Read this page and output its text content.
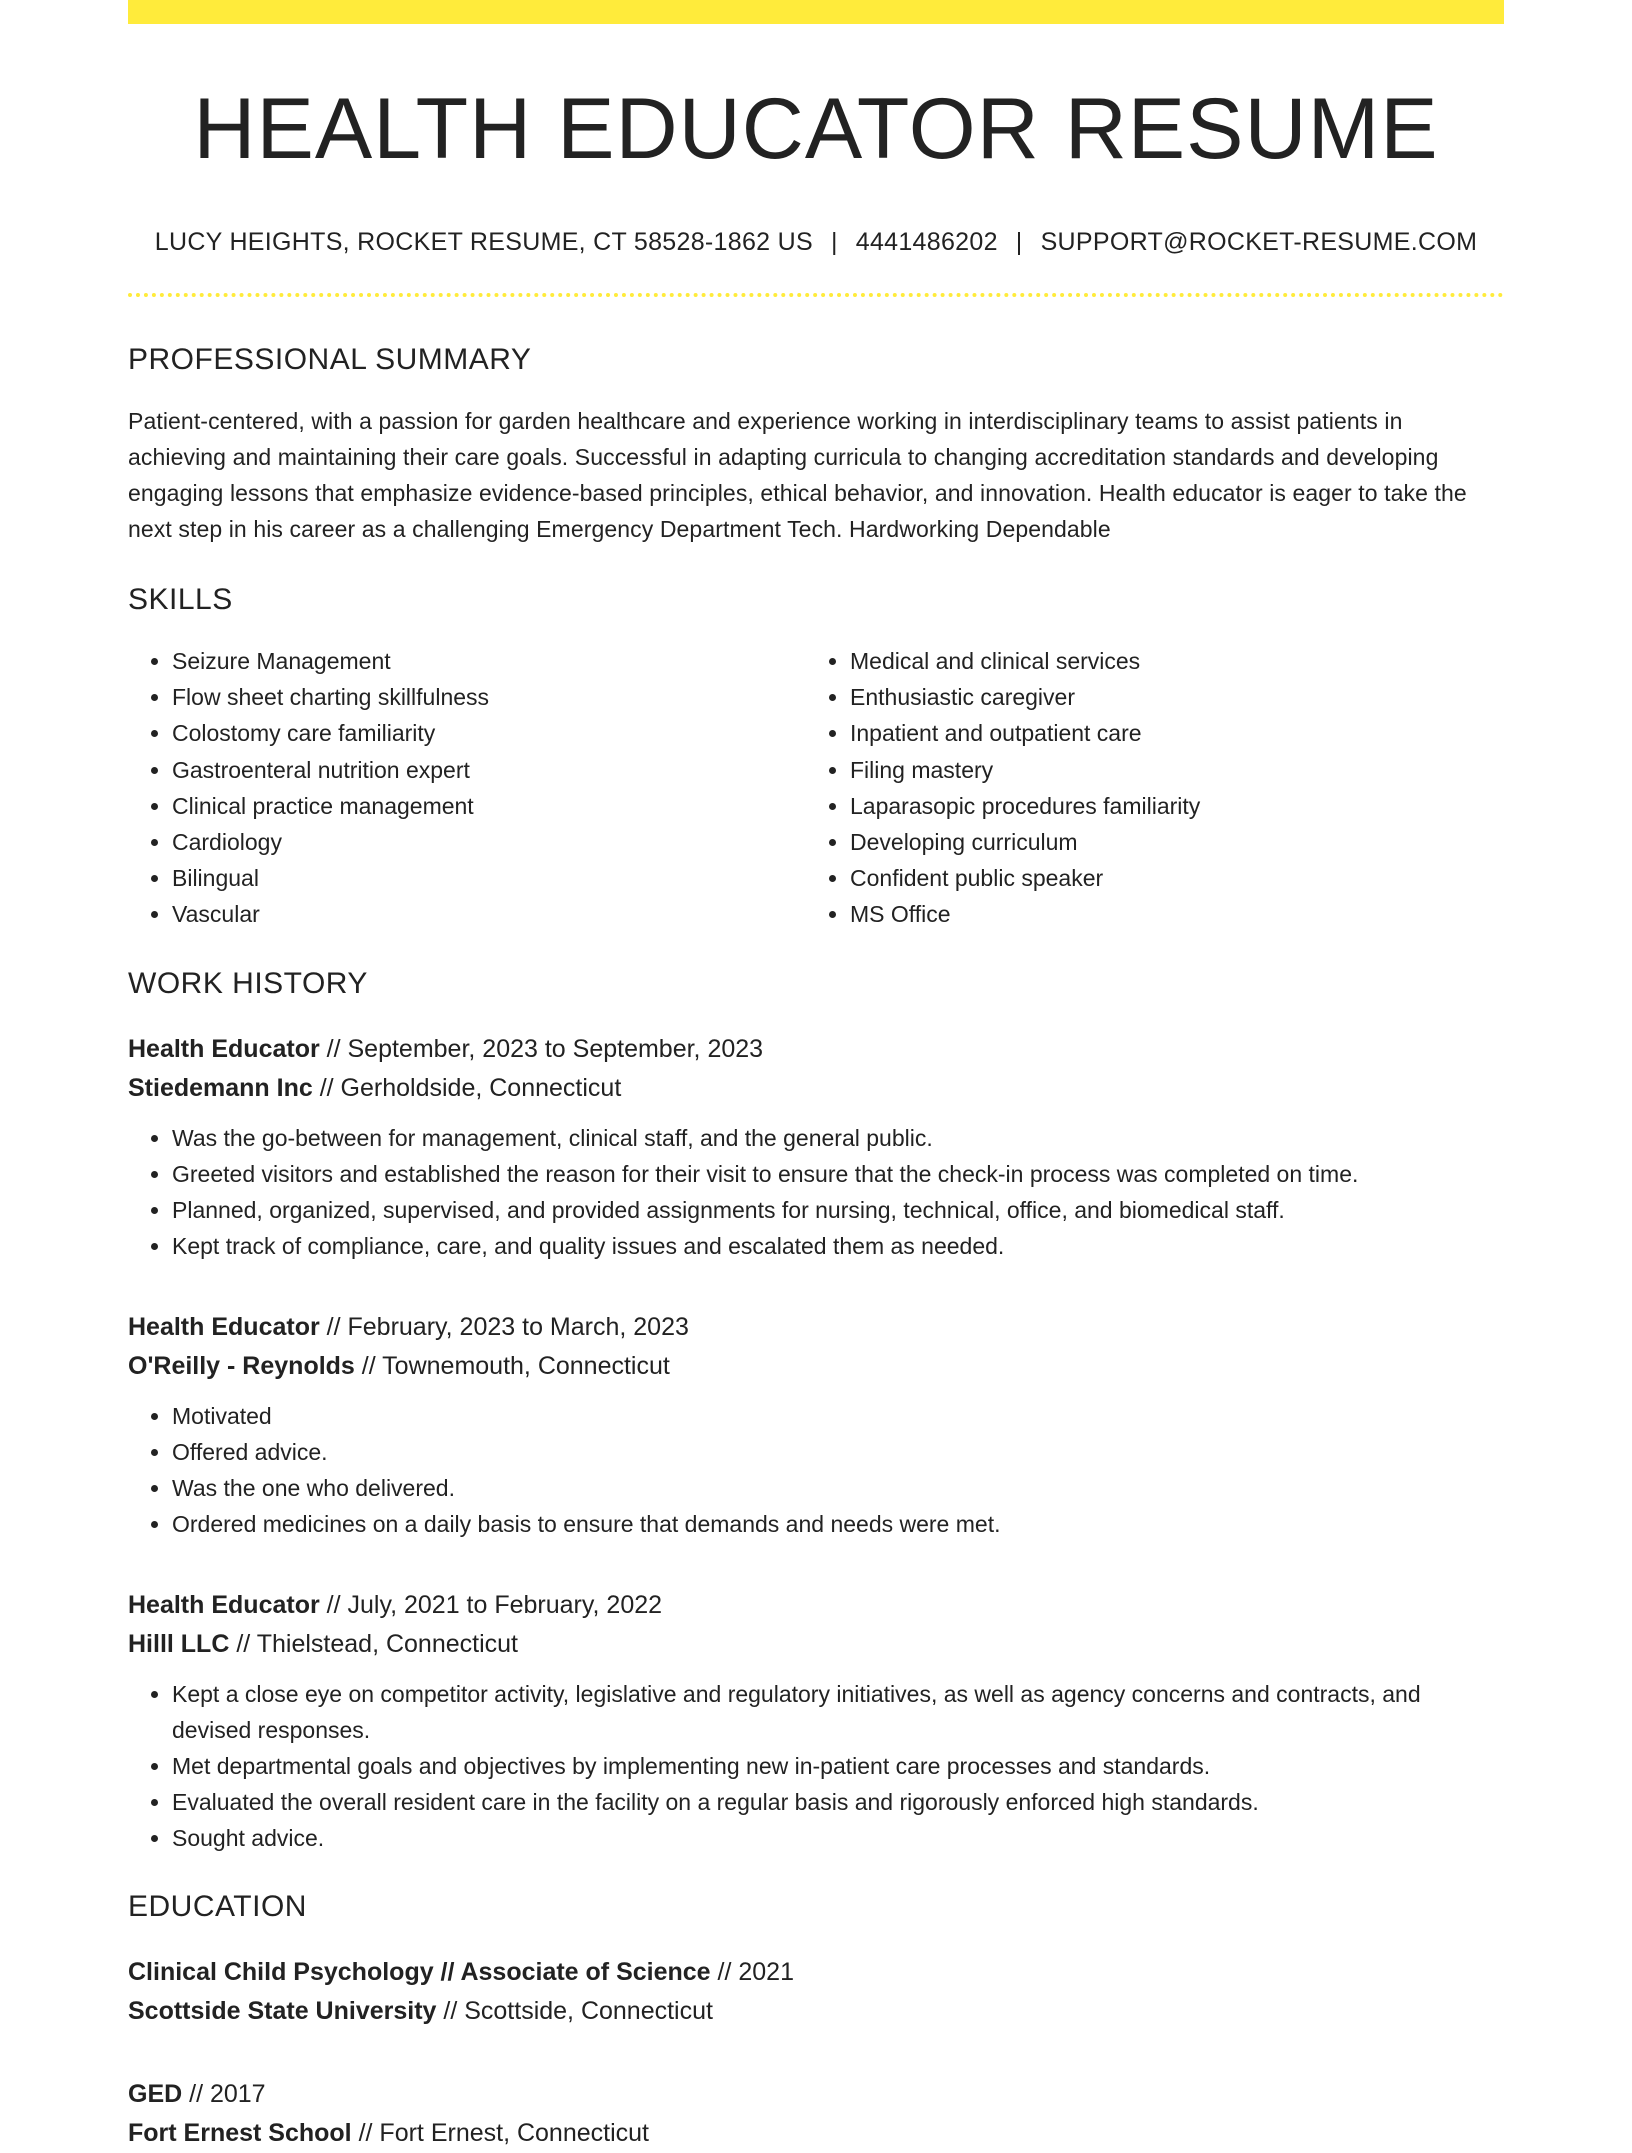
HEALTH EDUCATOR RESUME
LUCY HEIGHTS, ROCKET RESUME, CT 58528-1862 US | 4441486202 | SUPPORT@ROCKET-RESUME.COM
PROFESSIONAL SUMMARY

Patient-centered, with a passion for garden healthcare and experience working in interdisciplinary teams to assist patients in achieving and maintaining their care goals. Successful in adapting curricula to changing accreditation standards and developing engaging lessons that emphasize evidence-based principles, ethical behavior, and innovation. Health educator is eager to take the next step in his career as a challenging Emergency Department Tech. Hardworking Dependable

SKILLS
• Seizure Management
• Flow sheet charting skillfulness
• Colostomy care familiarity
• Gastroenteral nutrition expert
• Clinical practice management
• Cardiology
• Bilingual
• Vascular
• Medical and clinical services
• Enthusiastic caregiver
• Inpatient and outpatient care
• Filing mastery
• Laparasopic procedures familiarity
• Developing curriculum
• Confident public speaker
• MS Office
WORK HISTORY
Health Educator // September, 2023 to September, 2023
Stiedemann Inc // Gerholdside, Connecticut
• Was the go-between for management, clinical staff, and the general public.
• Greeted visitors and established the reason for their visit to ensure that the check-in process was completed on time.
• Planned, organized, supervised, and provided assignments for nursing, technical, office, and biomedical staff.
• Kept track of compliance, care, and quality issues and escalated them as needed.
Health Educator // February, 2023 to March, 2023
O'Reilly - Reynolds // Townemouth, Connecticut
• Motivated
• Offered advice.
• Was the one who delivered.
• Ordered medicines on a daily basis to ensure that demands and needs were met.
Health Educator // July, 2021 to February, 2022
Hilll LLC // Thielstead, Connecticut
• Kept a close eye on competitor activity, legislative and regulatory initiatives, as well as agency concerns and contracts, and devised responses.
• Met departmental goals and objectives by implementing new in-patient care processes and standards.
• Evaluated the overall resident care in the facility on a regular basis and rigorously enforced high standards.
• Sought advice.
EDUCATION
Clinical Child Psychology // Associate of Science // 2021
Scottside State University // Scottside, Connecticut
GED // 2017
Fort Ernest School // Fort Ernest, Connecticut
